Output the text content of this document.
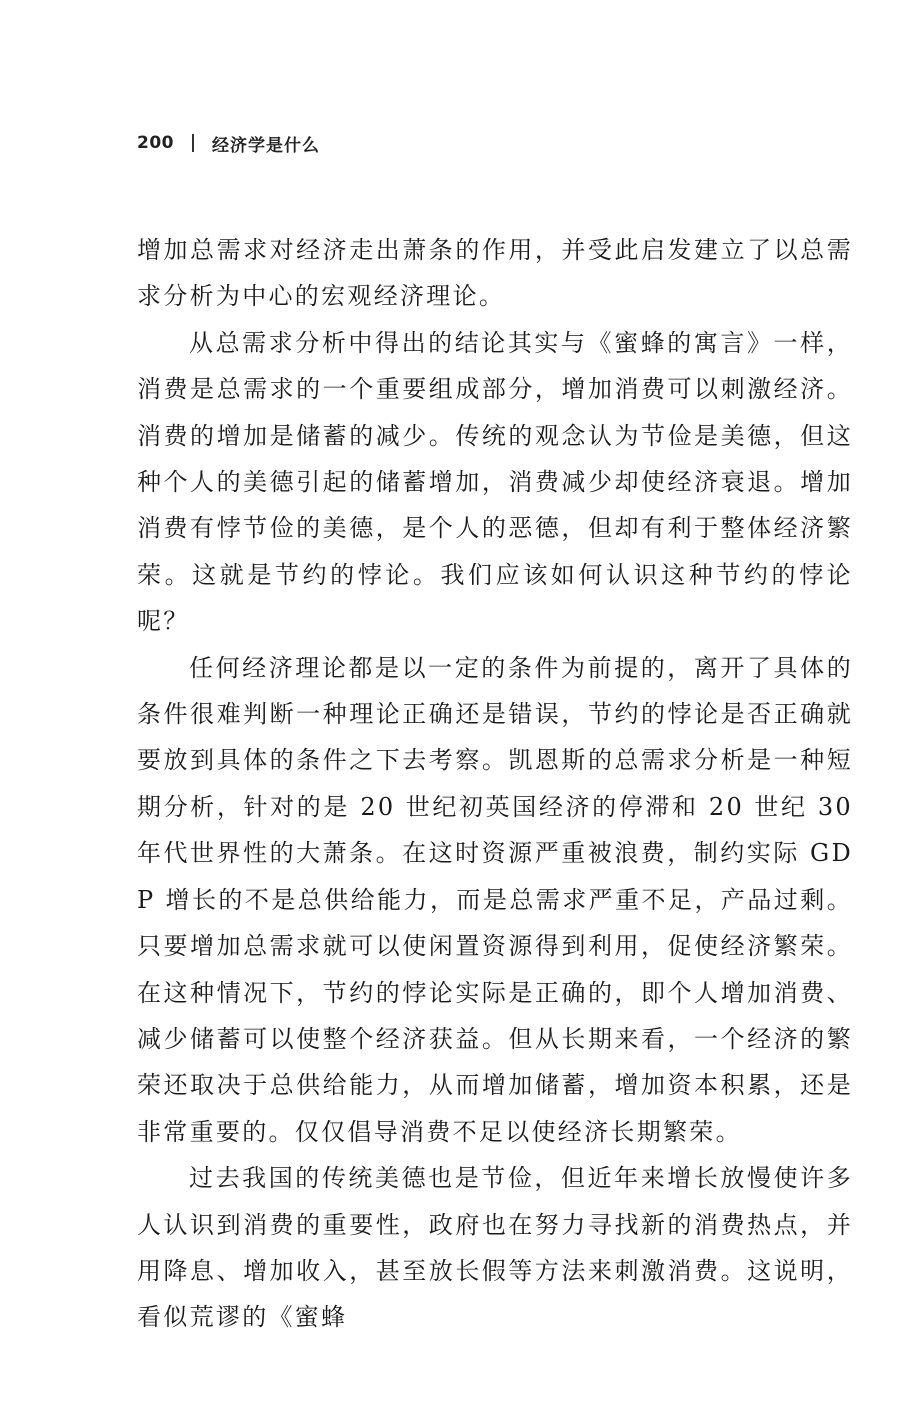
200 经济学是什么

增加总需求对经济走出萧条的作用，并受此启发建立了以总需求分析为中心的宏观经济理论。

从总需求分析中得出的结论其实与《蜜蜂的寓言》一样，消费是总需求的一个重要组成部分，增加消费可以刺激经济。消费的增加是储蓄的减少。传统的观念认为节俭是美德，但这种个人的美德引起的储蓄增加，消费减少却使经济衰退。增加消费有悖节俭的美德，是个人的恶德，但却有利于整体经济繁荣。这就是节约的悖论。我们应该如何认识这种节约的悖论呢？

任何经济理论都是以一定的条件为前提的，离开了具体的条件很难判断一种理论正确还是错误，节约的悖论是否正确就要放到具体的条件之下去考察。凯恩斯的总需求分析是一种短期分析，针对的是 20 世纪初英国经济的停滞和 20 世纪 30 年代世界性的大萧条。在这时资源严重被浪费，制约实际 GDP 增长的不是总供给能力，而是总需求严重不足，产品过剩。只要增加总需求就可以使闲置资源得到利用，促使经济繁荣。在这种情况下，节约的悖论实际是正确的，即个人增加消费、减少储蓄可以使整个经济获益。但从长期来看，一个经济的繁荣还取决于总供给能力，从而增加储蓄，增加资本积累，还是非常重要的。仅仅倡导消费不足以使经济长期繁荣。

过去我国的传统美德也是节俭，但近年来增长放慢使许多人认识到消费的重要性，政府也在努力寻找新的消费热点，并用降息、增加收入，甚至放长假等方法来刺激消费。这说明，看似荒谬的《蜜蜂
